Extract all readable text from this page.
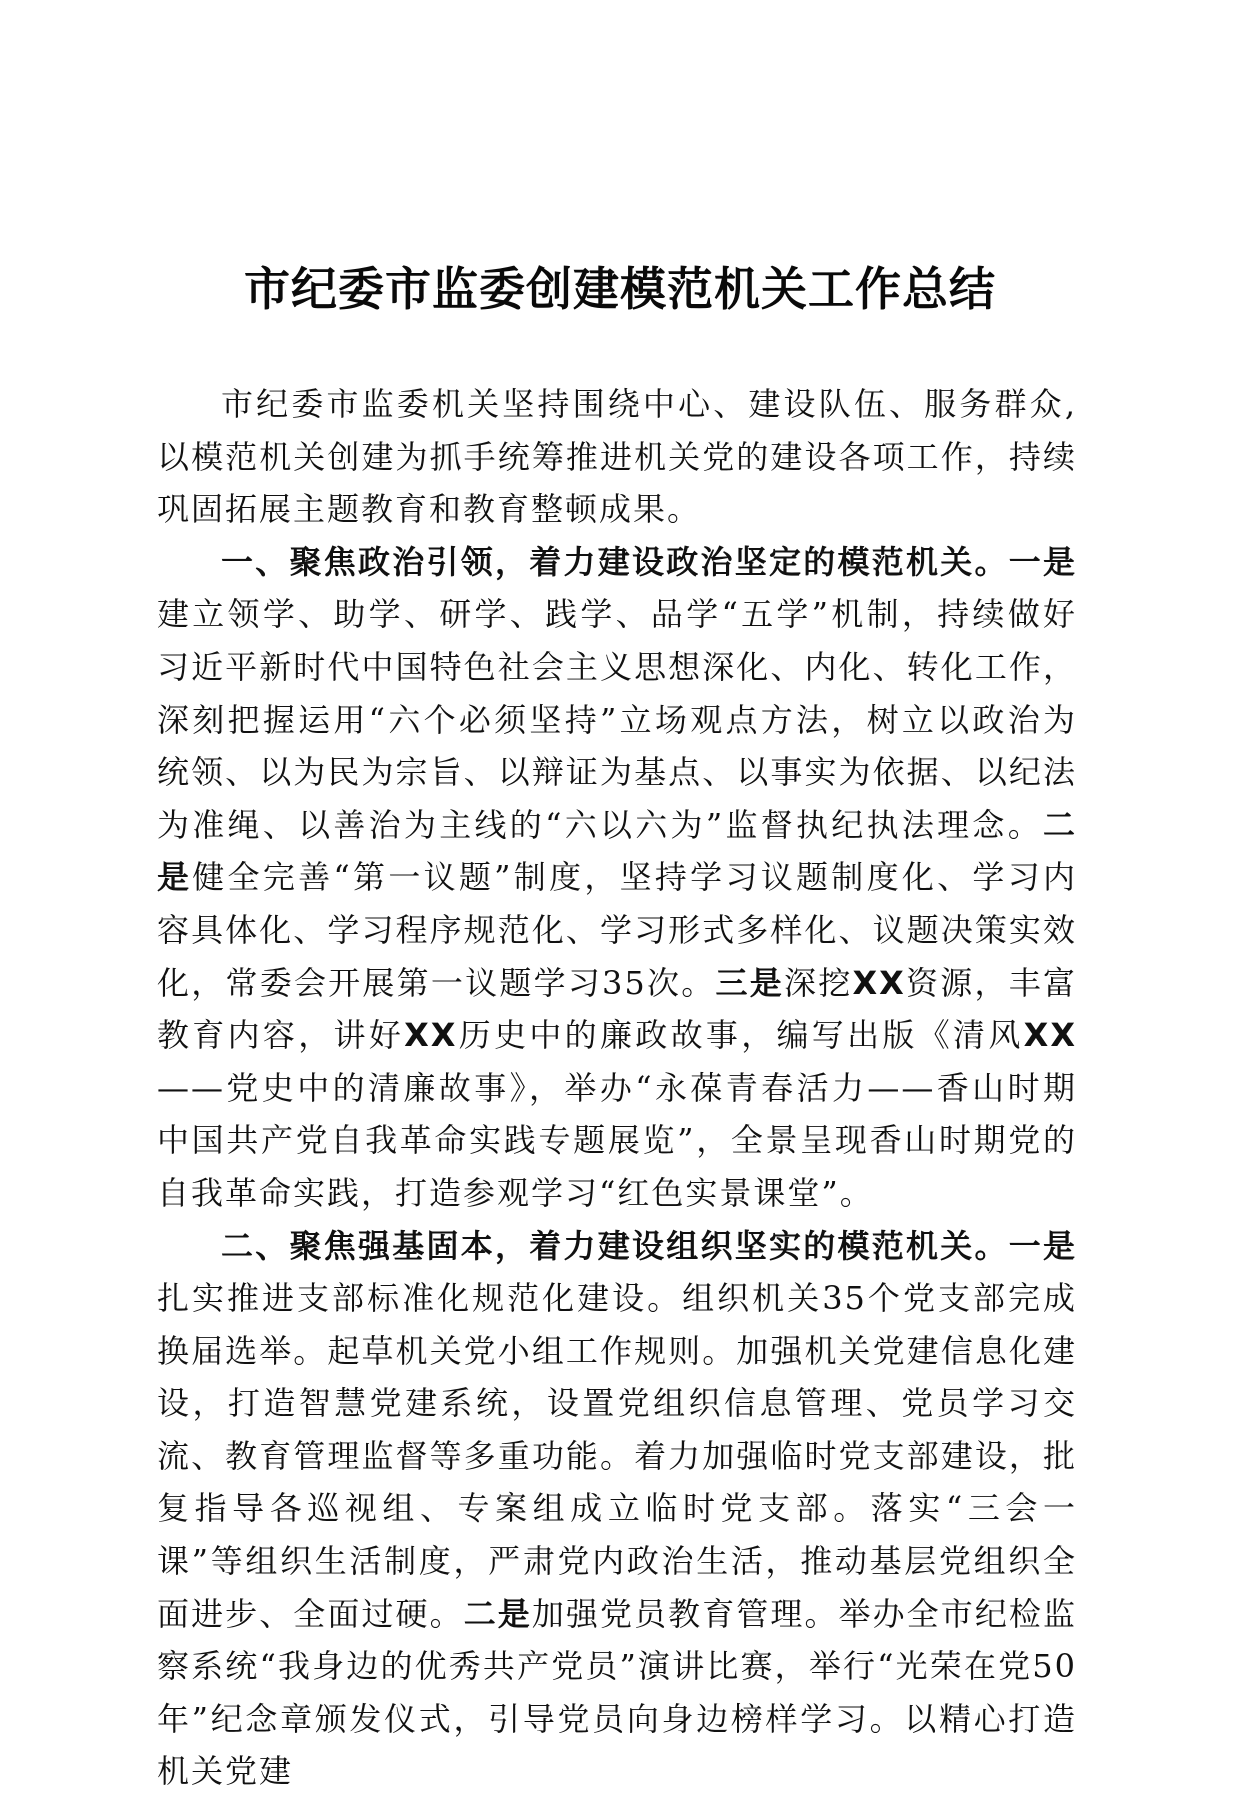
市纪委市监委创建模范机关工作总结

市纪委市监委机关坚持围绕中心、建设队伍、服务群众,以模范机关创建为抓手统筹推进机关党的建设各项工作，持续巩固拓展主题教育和教育整顿成果。

一、聚焦政治引领，着力建设政治坚定的模范机关。一是建立领学、助学、研学、践学、品学“五学”机制，持续做好习近平新时代中国特色社会主义思想深化、内化、转化工作，深刻把握运用“六个必须坚持”立场观点方法，树立以政治为统领、以为民为宗旨、以辩证为基点、以事实为依据、以纪法为准绳、以善治为主线的“六以六为”监督执纪执法理念。二是健全完善“第一议题”制度，坚持学习议题制度化、学习内容具体化、学习程序规范化、学习形式多样化、议题决策实效化，常委会开展第一议题学习35次。三是深挖XX资源，丰富教育内容，讲好XX历史中的廉政故事，编写出版《清风XX——党史中的清廉故事》，举办“永葆青春活力——香山时期中国共产党自我革命实践专题展览”，全景呈现香山时期党的自我革命实践，打造参观学习“红色实景课堂”。

二、聚焦强基固本，着力建设组织坚实的模范机关。一是扎实推进支部标准化规范化建设。组织机关35个党支部完成换届选举。起草机关党小组工作规则。加强机关党建信息化建设，打造智慧党建系统，设置党组织信息管理、党员学习交流、教育管理监督等多重功能。着力加强临时党支部建设，批复指导各巡视组、专案组成立临时党支部。落实“三会一课”等组织生活制度，严肃党内政治生活，推动基层党组织全面进步、全面过硬。二是加强党员教育管理。举办全市纪检监察系统“我身边的优秀共产党员”演讲比赛，举行“光荣在党50年”纪念章颁发仪式，引导党员向身边榜样学习。以精心打造机关党建
